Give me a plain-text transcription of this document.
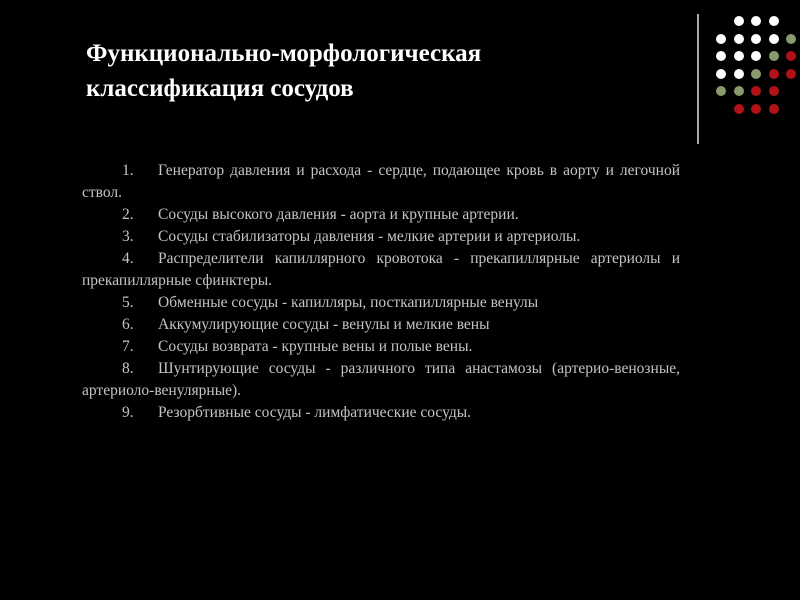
Функционально-морфологическая
классификация сосудов
1. Генератор давления и расхода - сердце, подающее кровь в аорту и легочной ствол.
2. Сосуды высокого давления - аорта и крупные артерии.
3. Сосуды стабилизаторы давления - мелкие артерии и артериолы.
4. Распределители капиллярного кровотока - прекапиллярные артериолы и прекапиллярные сфинктеры.
5. Обменные сосуды - капилляры, посткапиллярные венулы
6. Аккумулирующие сосуды - венулы и мелкие вены
7. Сосуды возврата - крупные вены и полые вены.
8. Шунтирующие сосуды - различного типа анастамозы (артерио-венозные, артериоло-венулярные).
9. Резорбтивные сосуды - лимфатические сосуды.
